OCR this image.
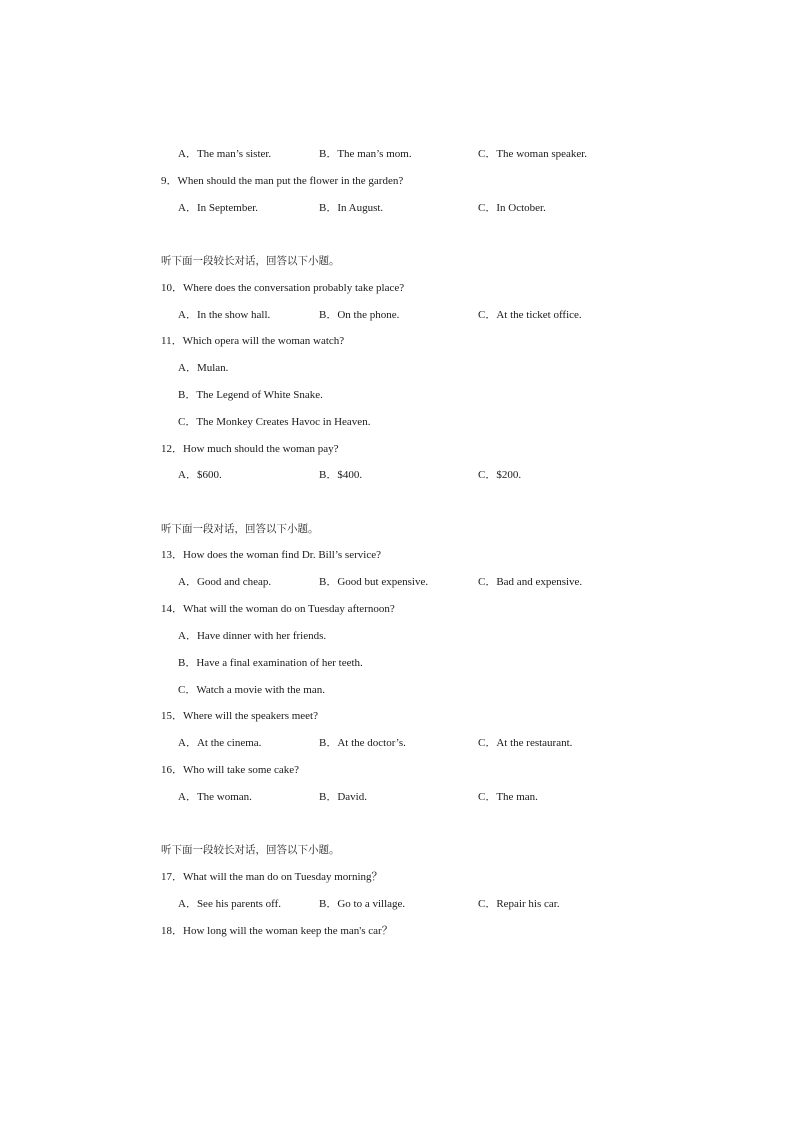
A．The man’s sister.	B．The man’s mom.	C．The woman speaker.
9．When should the man put the flower in the garden?
A．In September.	B．In August.	C．In October.
听下面一段较长对话，回答以下小题。
10．Where does the conversation probably take place?
A．In the show hall.	B．On the phone.	C．At the ticket office.
11．Which opera will the woman watch?
A．Mulan.
B．The Legend of White Snake.
C．The Monkey Creates Havoc in Heaven.
12．How much should the woman pay?
A．$600.	B．$400.	C．$200.
听下面一段对话，回答以下小题。
13．How does the woman find Dr. Bill’s service?
A．Good and cheap.	B．Good but expensive.	C．Bad and expensive.
14．What will the woman do on Tuesday afternoon?
A．Have dinner with her friends.
B．Have a final examination of her teeth.
C．Watch a movie with the man.
15．Where will the speakers meet?
A．At the cinema.	B．At the doctor’s.	C．At the restaurant.
16．Who will take some cake?
A．The woman.	B．David.	C．The man.
听下面一段较长对话，回答以下小题。
17．What will the man do on Tuesday morning？
A．See his parents off.	B．Go to a village.	C．Repair his car.
18．How long will the woman keep the man's car？
